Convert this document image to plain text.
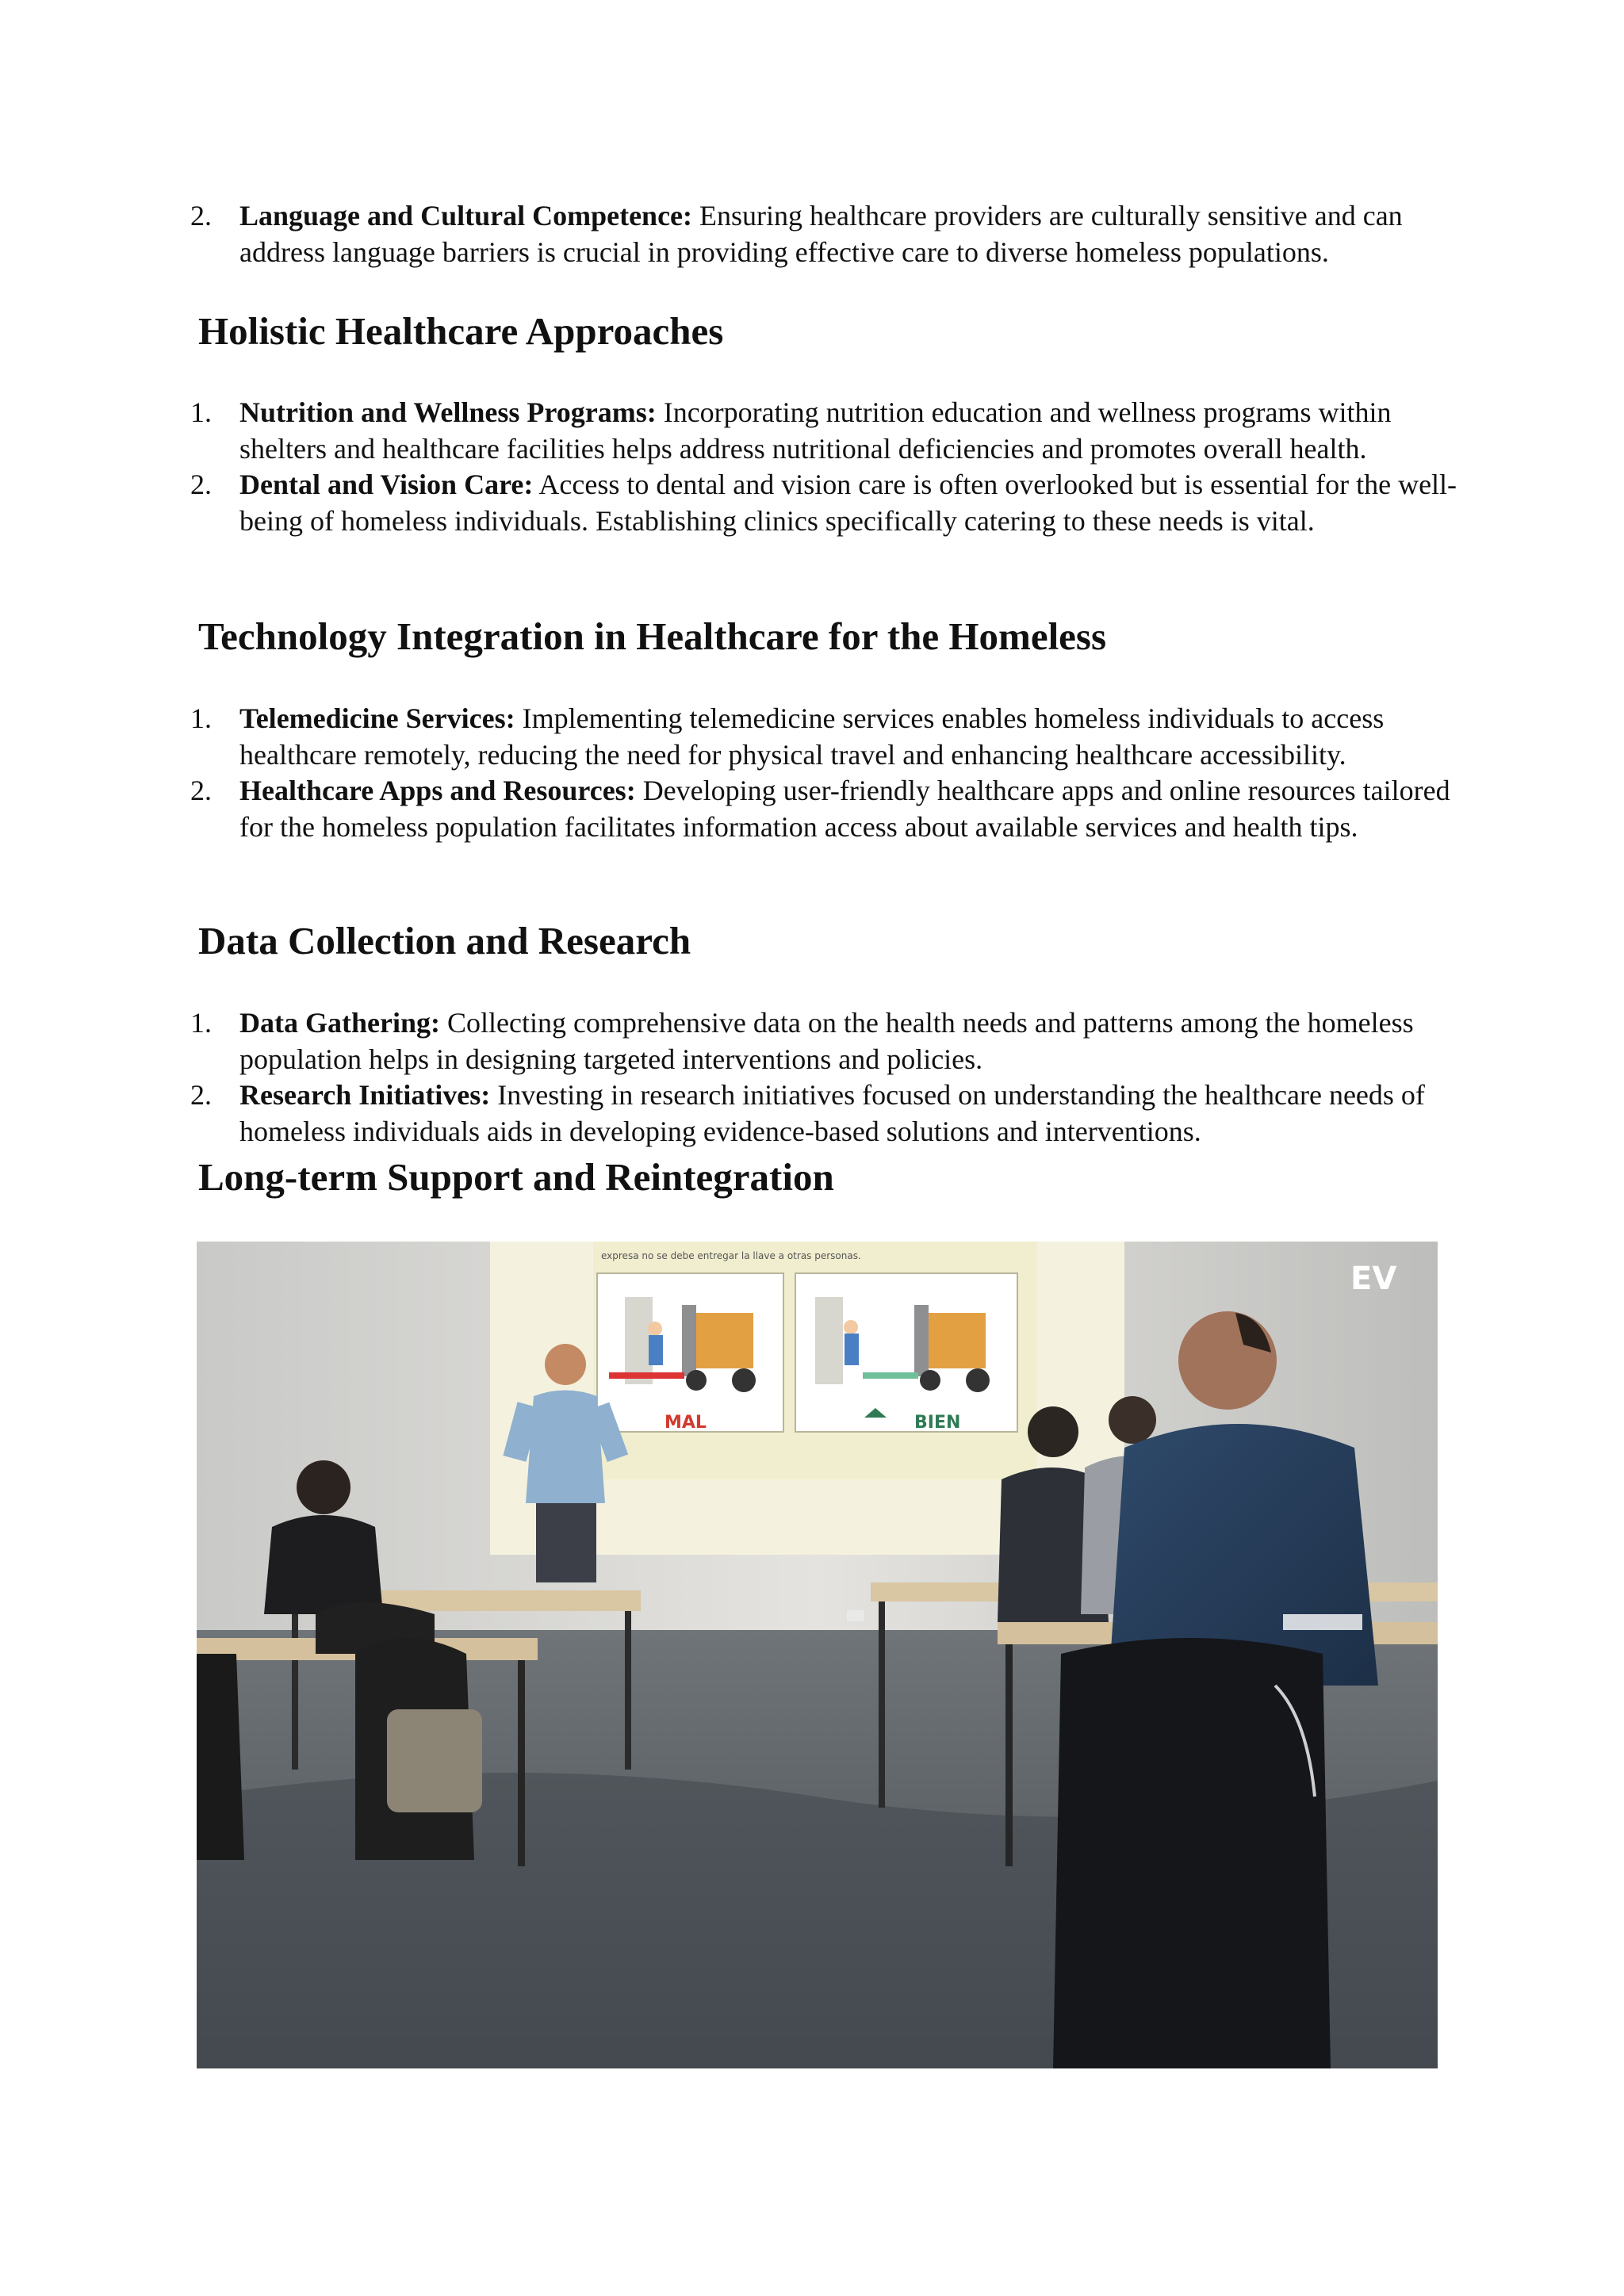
2. Language and Cultural Competence: Ensuring healthcare providers are culturally sensitive and can address language barriers is crucial in providing effective care to diverse homeless populations.
Holistic Healthcare Approaches
1. Nutrition and Wellness Programs: Incorporating nutrition education and wellness programs within shelters and healthcare facilities helps address nutritional deficiencies and promotes overall health.
2. Dental and Vision Care: Access to dental and vision care is often overlooked but is essential for the well-being of homeless individuals. Establishing clinics specifically catering to these needs is vital.
Technology Integration in Healthcare for the Homeless
1. Telemedicine Services: Implementing telemedicine services enables homeless individuals to access healthcare remotely, reducing the need for physical travel and enhancing healthcare accessibility.
2. Healthcare Apps and Resources: Developing user-friendly healthcare apps and online resources tailored for the homeless population facilitates information access about available services and health tips.
Data Collection and Research
1. Data Gathering: Collecting comprehensive data on the health needs and patterns among the homeless population helps in designing targeted interventions and policies.
2. Research Initiatives: Investing in research initiatives focused on understanding the healthcare needs of homeless individuals aids in developing evidence-based solutions and interventions.
Long-term Support and Reintegration
expresa no se debe entregar la llave a otras personas.
MAL	BIEN
EV
